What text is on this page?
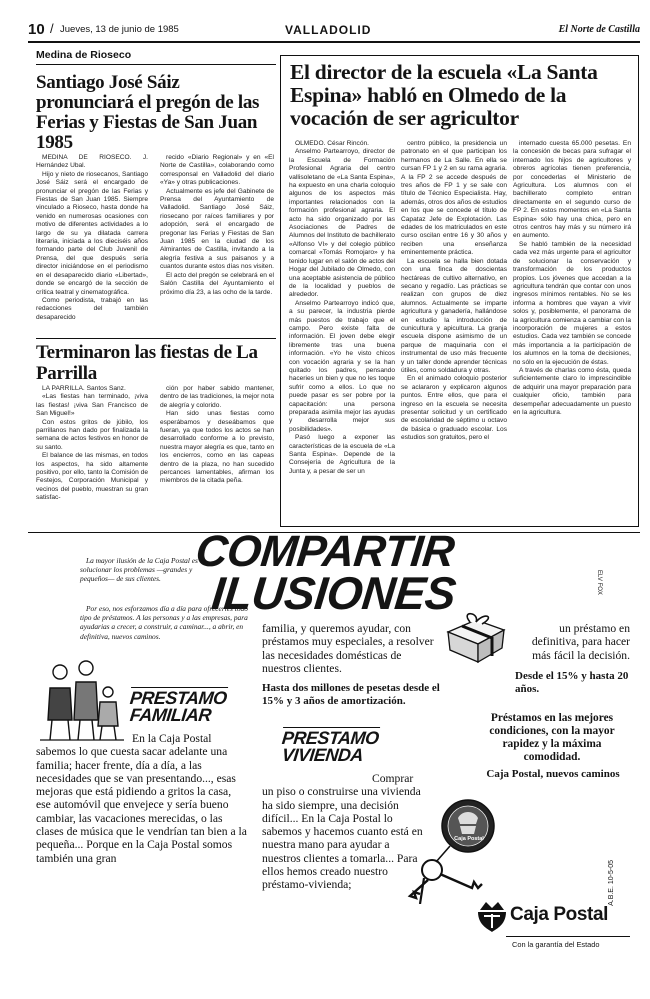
10 / Jueves, 13 de junio de 1985	VALLADOLID	El Norte de Castilla
Medina de Rioseco
Santiago José Sáiz pronunciará el pregón de las Ferias y Fiestas de San Juan 1985

MEDINA DE RIOSECO. J. Hernández Ubal.

Hijo y nieto de riosecanos, Santiago José Sáiz será el encargado de pronunciar el pregón de las Ferias y Fiestas de San Juan 1985. Siempre vinculado a Rioseco, hasta donde ha venido en numerosas ocasiones con motivo de diferentes actividades a lo largo de su ya dilatada carrera literaria, iniciada a los dieciséis años formando parte del Club Juvenil de Prensa, del que después sería director iniciándose en el periodismo en el desaparecido diario «Libertad», donde se encargó de la sección de crítica teatral y cinematográfica.

Como periodista, trabajó en las redacciones del también desaparecido

recido «Diario Regional» y en «El Norte de Castilla», colaborando como corresponsal en Valladolid del diario «Ya» y otras publicaciones.

Actualmente es jefe del Gabinete de Prensa del Ayuntamiento de Valladolid. Santiago José Sáiz, riosecano por raíces familiares y por adopción, será el encargado de pregonar las Ferias y Fiestas de San Juan 1985 en la ciudad de los Almirantes de Castilla, invitando a la alegría festiva a sus paisanos y a cuantos durante estos días nos visiten.

El acto del pregón se celebrará en el Salón Castilla del Ayuntamiento el próximo día 23, a las ocho de la tarde.

Terminaron las fiestas de La Parrilla

LA PARRILLA. Santos Sanz.

«Las fiestas han terminado, ¡viva las fiestas! ¡viva San Francisco de San Miguel!»

Con estos gritos de júbilo, los parrillanos han dado por finalizada la semana de actos festivos en honor de su santo.

El balance de las mismas, en todos los aspectos, ha sido altamente positivo, por ello, tanto la Comisión de Festejos, Corporación Municipal y vecinos del pueblo, muestran su gran satisfac-

ción por haber sabido mantener, dentro de las tradiciones, la mejor nota de alegría y colorido.

Han sido unas fiestas como esperábamos y deseábamos que fueran, ya que todos los actos se han desarrollado conforme a lo previsto, nuestra mayor alegría es que, tanto en los encierros, como en las capeas dentro de la plaza, no han sucedido percances lamentables, afirman los miembros de la citada peña.

El director de la escuela «La Santa Espina» habló en Olmedo de la vocación de ser agricultor

OLMEDO. César Rincón.

Anselmo Partearroyo, director de la Escuela de Formación Profesional Agraria del centro vallisoletano de «La Santa Espina», ha expuesto en una charla coloquio algunos de los aspectos más importantes relacionados con la formación profesional agraria. El acto ha sido organizado por las Asociaciones de Padres de Alumnos del Instituto de bachillerato «Alfonso VI» y del colegio público comarcal «Tomás Romojaro» y ha tenido lugar en el salón de actos del Hogar del Jubilado de Olmedo, con una aceptable asistencia de público de la localidad y pueblos de alrededor.

Anselmo Partearroyo indicó que, a su parecer, la industria pierde más puestos de trabajo que el campo. Pero existe falta de información. El joven debe elegir libremente tras una buena información. «Yo he visto chicos con vocación agraria y se la han quitado los padres, pensando haceries un bien y que no les toque sufrir como a ellos. Lo que no puede pasar es ser pobre por la capacitación: una persona preparada asimila mejor las ayudas y desarrolla mejor sus posibilidades».

Pasó luego a exponer las características de la escuela de «La Santa Espina». Depende de la Consejería de Agricultura de la Junta y, a pesar de ser un

centro público, la presidencia un patronato en el que participan los hermanos de La Salle. En ella se cursan FP 1 y 2 en su rama agraria. A la FP 2 se accede después de tres años de FP 1 y se sale con título de Técnico Especialista. Hay, además, otros dos años de estudios en los que se concede el título de Capataz Jefe de Explotación. Las edades de los matriculados en este curso oscilan entre 16 y 30 años y reciben una enseñanza eminentemente práctica.

La escuela se halla bien dotada con una finca de doscientas hectáreas de cultivo alternativo, en secano y regadío. Las prácticas se realizan con grupos de diez alumnos. Actualmente se imparte agricultura y ganadería, hallándose en estudio la introducción de cunicultura y apicultura. La granja escuela dispone asimismo de un parque de maquinaria con el instrumental de uso más frecuente y un taller donde aprender técnicas útiles, como soldadura y otras.

En el animado coloquio posterior se aclararon y explicaron algunos puntos. Entre ellos, que para el ingreso en la escuela se necesita presentar solicitud y un certificado de escolaridad de séptimo u octavo de básica o graduado escolar. Los estudios son gratuitos, pero el

internado cuesta 65.000 pesetas. En la concesión de becas para sufragar el internado los hijos de agricultores y obreros agrícolas tienen preferencia, por concederlas el Ministerio de Agricultura. Los alumnos con el bachillerato completo entran directamente en el segundo curso de FP 2. En estos momentos en «La Santa Espina» sólo hay una chica, pero en otros centros hay más y su número irá en aumento.

Se habló también de la necesidad cada vez más urgente para el agricultor de solucionar la conservación y transformación de los productos propios. Los jóvenes que accedan a la agricultura tendrán que contar con unos ingresos mínimos rentables. No se les inforrna a hombres que vayan a vivir solos y, posiblemente, el panorama de la agricultura comienza a cambiar con la incorporación de mujeres a estos estudios. Cada vez también se concede más importancia a la participación de los alumnos en la toma de decisiones, no sólo en la ejecución de éstas.

A través de charlas como ésta, queda suficientemente claro lo imprescindible de adquirir una mayor preparación para cualquier oficio, también para desempeñar adecuadamente un puesto en la agricultura.

COMPARTIR
ILUSIONES	ELV FOX
La mayor ilusión de la Caja Postal es solucionar los problemas —grandes y pequeños— de sus clientes.
Por eso, nos esforzamos día a día para ofreceries todo tipo de préstamos. A las personas y a las empresas, para ayudarias a crecer, a construir, a caminar..., a abrir, en definitiva, nuevos caminos.
familia, y queremos ayudar, con préstamos muy especiales, a resolver las necesidades domésticas de nuestros clientes.
Hasta dos millones de pesetas desde el 15% y 3 años de amortización.
un préstamo en definitiva, para hacer más fácil la decisión.
Desde el 15% y hasta 20 años.
PRESTAMO
FAMILIAR
En la Caja Postal sabemos lo que cuesta sacar adelante una familia; hacer frente, día a día, a las necesidades que se van presentando..., esas mejoras que está pidiendo a gritos la casa, ese automóvil que envejece y sería bueno cambiar, las vacaciones merecidas, o las clases de música que le vendrían tan bien a la pequeña... Porque en la Caja Postal somos también una gran
PRESTAMO
VIVIENDA
Comprar un piso o construirse una vivienda ha sido siempre, una decisión difícil... En la Caja Postal lo sabemos y hacemos cuanto está en nuestra mano para ayudar a nuestros clientes a tomarla... Para ellos hemos creado nuestro préstamo-vivienda;
Préstamos en las mejores condiciones, con la mayor rapidez y la máxima comodidad.
Caja Postal, nuevos caminos
Caja Postal
A.B.E. 10-5-05
Caja Postal
Con la garantía del Estado
